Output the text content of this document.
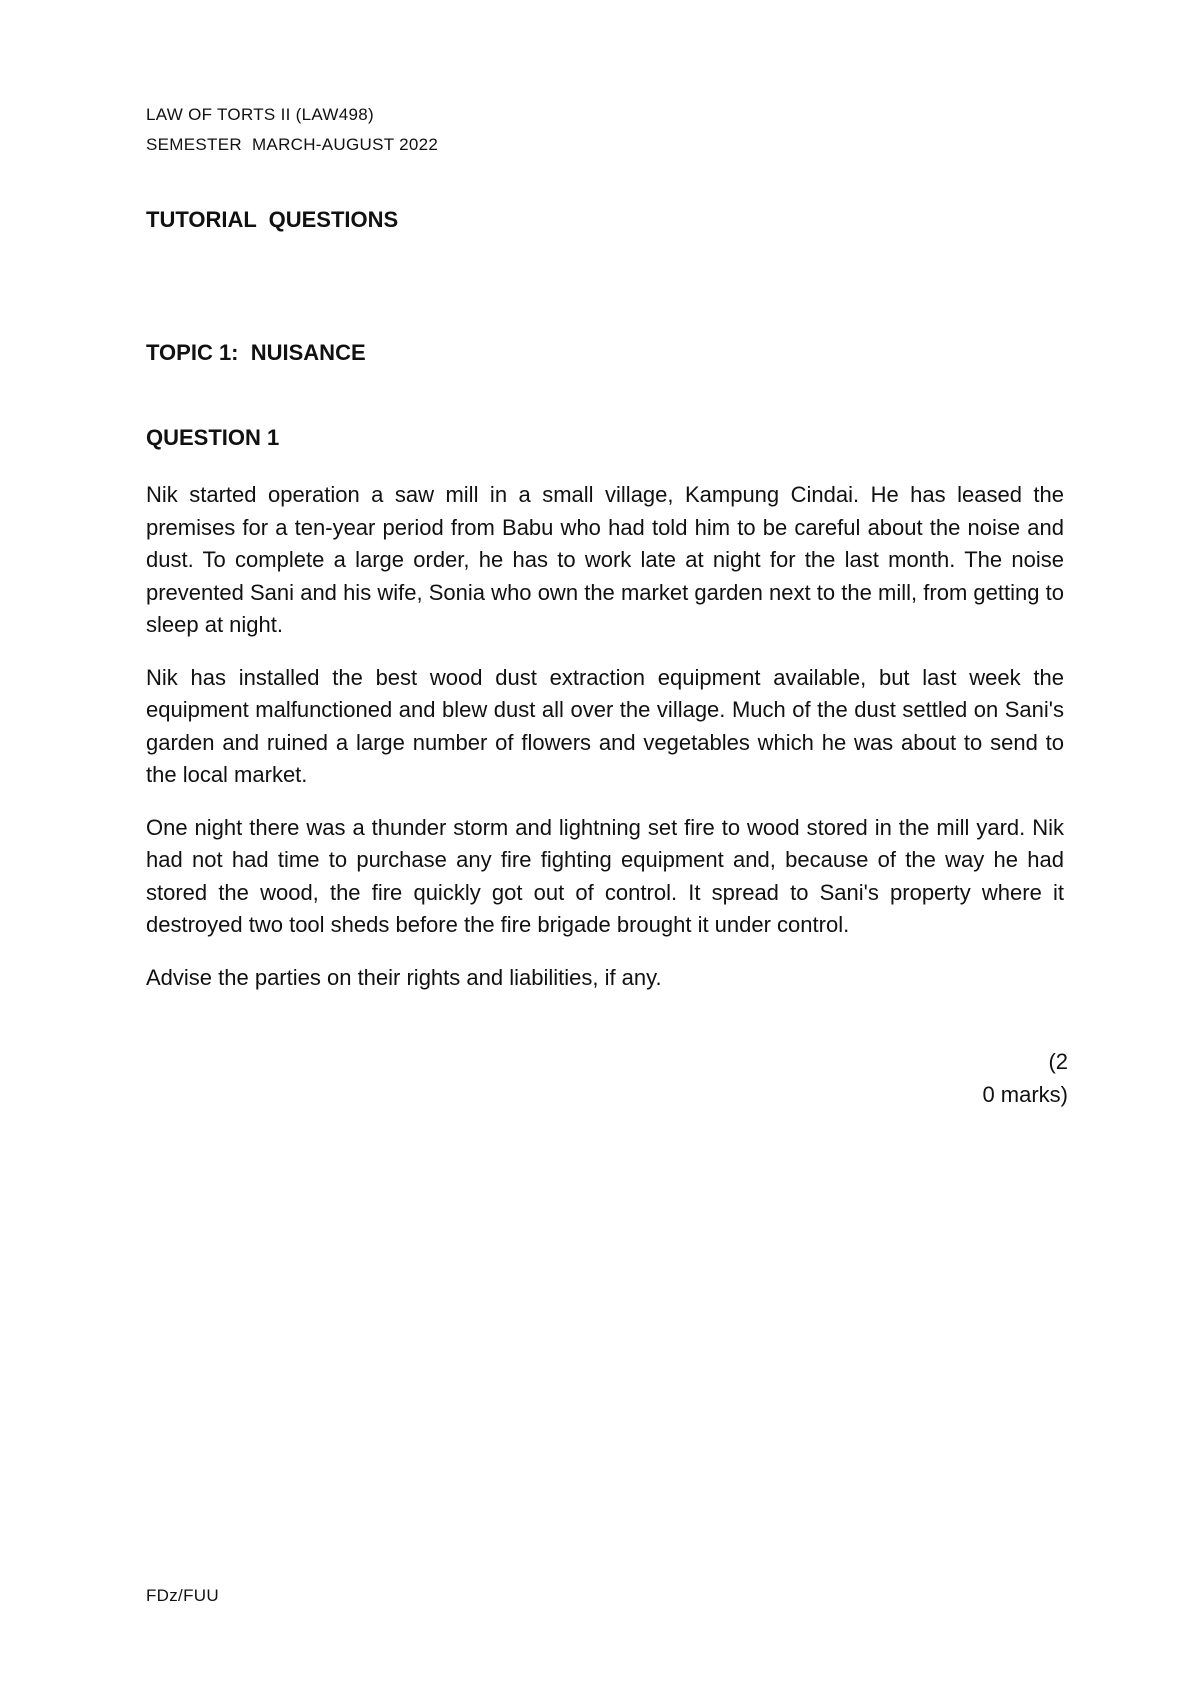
LAW OF TORTS II (LAW498)
SEMESTER  MARCH-AUGUST 2022
TUTORIAL  QUESTIONS
TOPIC 1:  NUISANCE
QUESTION 1

Nik started operation a saw mill in a small village, Kampung Cindai. He has leased the premises for a ten-year period from Babu who had told him to be careful about the noise and dust. To complete a large order, he has to work late at night for the last month. The noise prevented Sani and his wife, Sonia who own the market garden next to the mill, from getting to sleep at night.

Nik has installed the best wood dust extraction equipment available, but last week the equipment malfunctioned and blew dust all over the village. Much of the dust settled on Sani's garden and ruined a large number of flowers and vegetables which he was about to send to the local market.

One night there was a thunder storm and lightning set fire to wood stored in the mill yard. Nik had not had time to purchase any fire fighting equipment and, because of the way he had stored the wood, the fire quickly got out of control. It spread to Sani's property where it destroyed two tool sheds before the fire brigade brought it under control.

Advise the parties on their rights and liabilities, if any.

(2
0 marks)
FDz/FUU
